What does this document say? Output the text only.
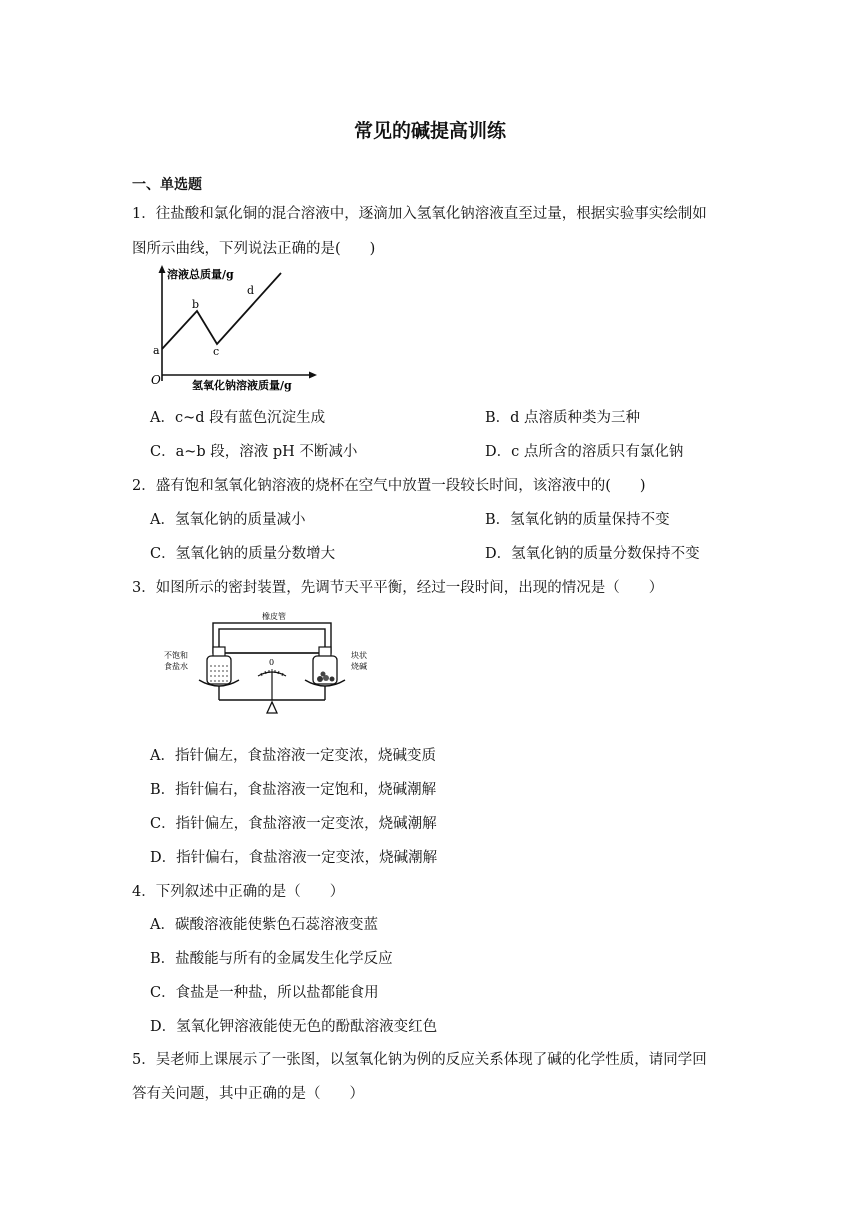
常见的碱提高训练
一、单选题
1．往盐酸和氯化铜的混合溶液中，逐滴加入氢氧化钠溶液直至过量，根据实验事实绘制如
图所示曲线，下列说法正确的是(　　)
溶液总质量/g
氢氧化钠溶液质量/g
O
a
b
c
d
A．c~d 段有蓝色沉淀生成	B．d 点溶质种类为三种
C．a~b 段，溶液 pH 不断减小	D．c 点所含的溶质只有氯化钠
2．盛有饱和氢氧化钠溶液的烧杯在空气中放置一段较长时间，该溶液中的(　　)
A．氢氧化钠的质量减小	B．氢氧化钠的质量保持不变
C．氢氧化钠的质量分数增大	D．氢氧化钠的质量分数保持不变
3．如图所示的密封装置，先调节天平平衡，经过一段时间，出现的情况是（　　）
橡皮管
不饱和
食盐水
块状
烧碱
0
A．指针偏左，食盐溶液一定变浓，烧碱变质
B．指针偏右，食盐溶液一定饱和，烧碱潮解
C．指针偏左，食盐溶液一定变浓，烧碱潮解
D．指针偏右，食盐溶液一定变浓，烧碱潮解
4．下列叙述中正确的是（　　）
A．碳酸溶液能使紫色石蕊溶液变蓝
B．盐酸能与所有的金属发生化学反应
C．食盐是一种盐，所以盐都能食用
D．氢氧化钾溶液能使无色的酚酞溶液变红色
5．吴老师上课展示了一张图，以氢氧化钠为例的反应关系体现了碱的化学性质，请同学回
答有关问题，其中正确的是（　　）
